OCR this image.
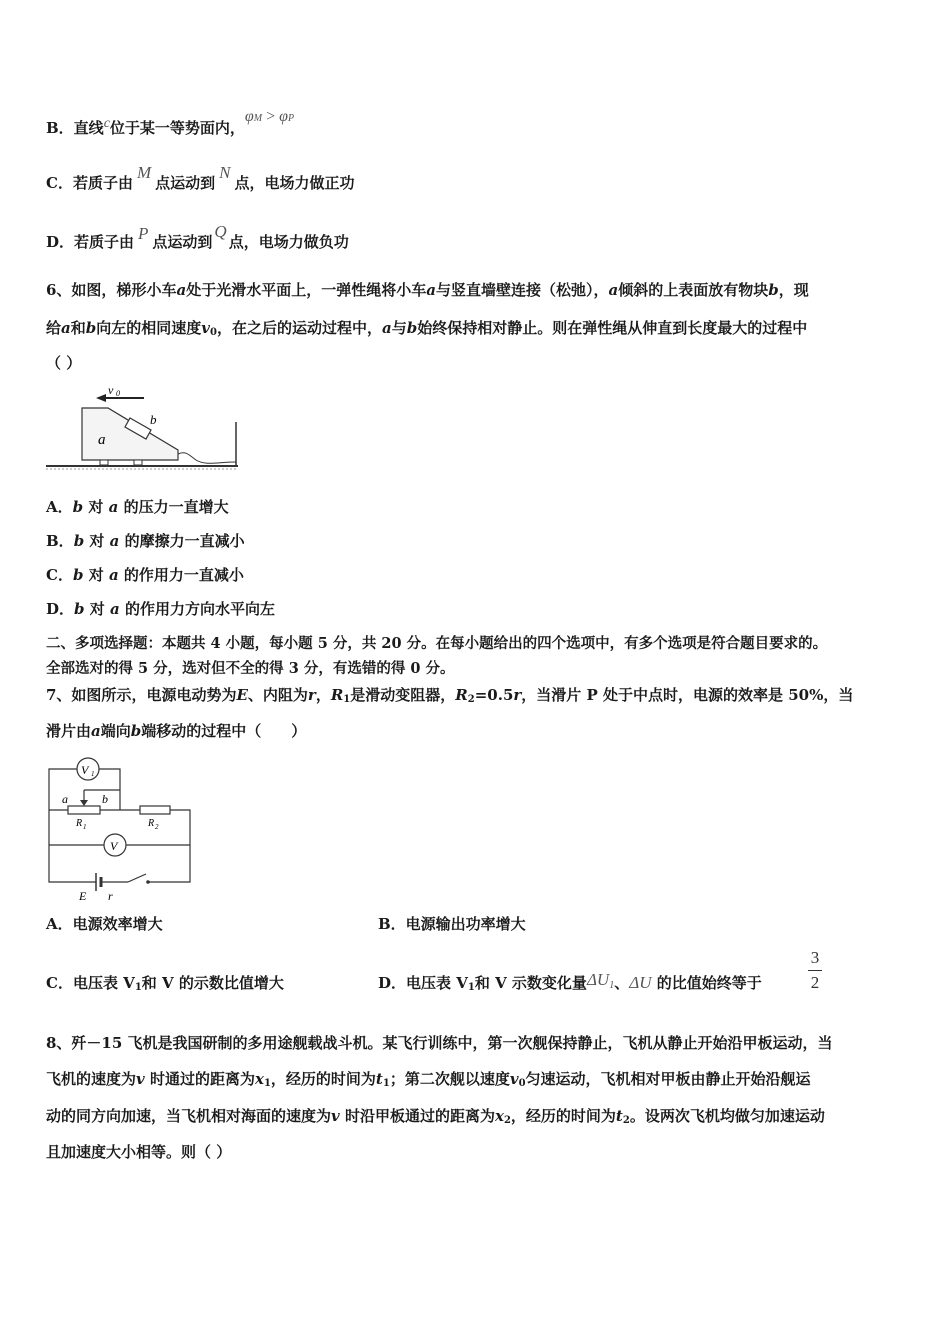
B．直线$^c$位于某一等势面内，φM > φP
C．若质子由M点运动到N点，电场力做正功
D．若质子由 P 点运动到Q点，电场力做负功
6、如图，梯形小车a处于光滑水平面上，一弹性绳将小车a与竖直墙壁连接（松弛），a倾斜的上表面放有物块b，现
给a和b向左的相同速度v0，在之后的运动过程中，a与b始终保持相对静止。则在弹性绳从伸直到长度最大的过程中
（ ）
v 0
a
b
A．b 对 a 的压力一直增大
B．b 对 a 的摩擦力一直减小
C．b 对 a 的作用力一直减小
D．b 对 a 的作用力方向水平向左
二、多项选择题：本题共 4 小题，每小题 5 分，共 20 分。在每小题给出的四个选项中，有多个选项是符合题目要求的。
全部选对的得 5 分，选对但不全的得 3 分，有选错的得 0 分。
7、如图所示，电源电动势为E、内阻为r，R1是滑动变阻器，R2=0.5r，当滑片 P 处于中点时，电源的效率是 50%，当
滑片由a端向b端移动的过程中（　　）
V 1
a	b
R 1	R 2
V
E r
A．电源效率增大	B．电源输出功率增大
C．电压表 V1和 V 的示数比值增大	D．电压表 V1和 V 示数变化量ΔU1、ΔU 的比值始终等于
3
2
8、歼－15 飞机是我国研制的多用途舰载战斗机。某飞行训练中，第一次舰保持静止，飞机从静止开始沿甲板运动，当
飞机的速度为v 时通过的距离为x1，经历的时间为t1；第二次舰以速度v0匀速运动，飞机相对甲板由静止开始沿舰运
动的同方向加速，当飞机相对海面的速度为v 时沿甲板通过的距离为x2，经历的时间为t2。设两次飞机均做匀加速运动
且加速度大小相等。则（ ）
